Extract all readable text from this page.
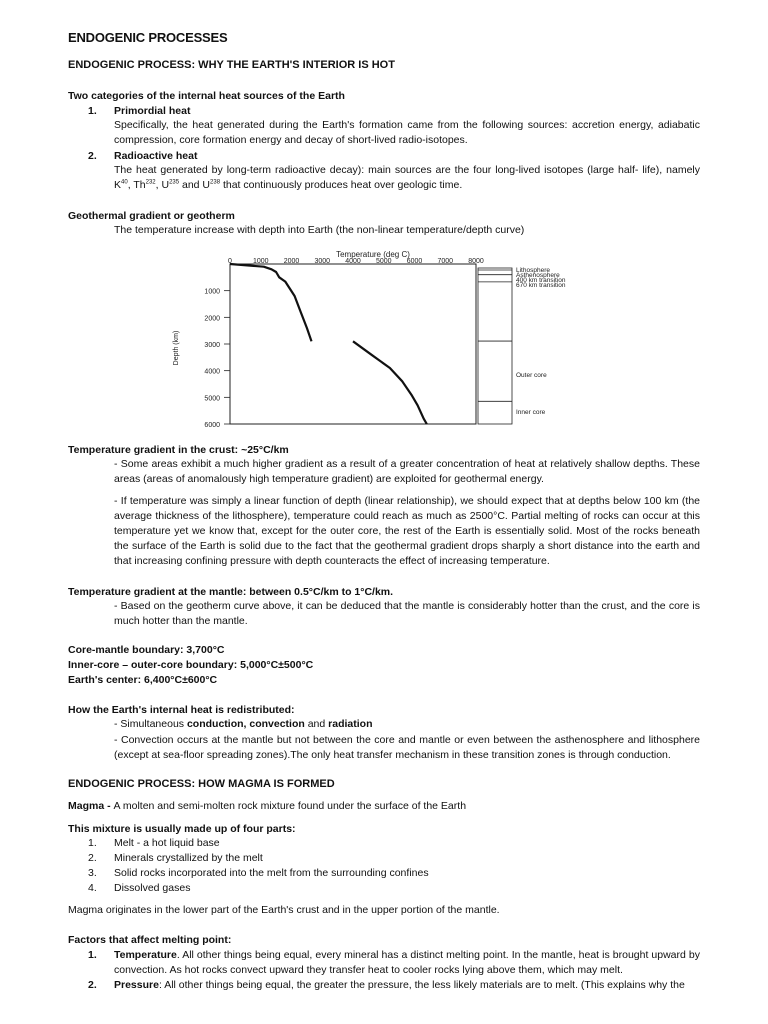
ENDOGENIC PROCESSES
ENDOGENIC PROCESS: WHY THE EARTH'S INTERIOR IS HOT
Two categories of the internal heat sources of the Earth
1. Primordial heat
Specifically, the heat generated during the Earth's formation came from the following sources: accretion energy, adiabatic compression, core formation energy and decay of short-lived radio-isotopes.
2. Radioactive heat
The heat generated by long-term radioactive decay): main sources are the four long-lived isotopes (large half- life), namely $K^{40}$, Th$^{232}$, $U^{235}$ and $U^{238}$ that continuously produces heat over geologic time.
Geothermal gradient or geotherm
The temperature increase with depth into Earth (the non-linear temperature/depth curve)
Temperature (deg C)
0	1000 2000 3000 4000 5000 6000 7000 8000
1000
2000
3000
4000
5000
6000
Depth (km)
Lithosphere
Asthenosphere
400 km transition
670 km transition
Outer core
Inner core
Temperature gradient in the crust: ~25°C/km
- Some areas exhibit a much higher gradient as a result of a greater concentration of heat at relatively shallow depths. These areas (areas of anomalously high temperature gradient) are exploited for geothermal energy.
- If temperature was simply a linear function of depth (linear relationship), we should expect that at depths below 100 km (the average thickness of the lithosphere), temperature could reach as much as 2500°C. Partial melting of rocks can occur at this temperature yet we know that, except for the outer core, the rest of the Earth is essentially solid. Most of the rocks beneath the surface of the Earth is solid due to the fact that the geothermal gradient drops sharply a short distance into the earth and that increasing confining pressure with depth counteracts the effect of increasing temperature.
Temperature gradient at the mantle: between 0.5°C/km to 1°C/km.
- Based on the geotherm curve above, it can be deduced that the mantle is considerably hotter than the crust, and the core is much hotter than the mantle.
Core-mantle boundary: 3,700°C
Inner-core – outer-core boundary: 5,000°C±500°C
Earth's center: 6,400°C±600°C
How the Earth's internal heat is redistributed:
- Simultaneous conduction, convection and radiation
- Convection occurs at the mantle but not between the core and mantle or even between the asthenosphere and lithosphere (except at sea-floor spreading zones).The only heat transfer mechanism in these transition zones is through conduction.
ENDOGENIC PROCESS: HOW MAGMA IS FORMED
Magma - A molten and semi-molten rock mixture found under the surface of the Earth
This mixture is usually made up of four parts:
1. Melt - a hot liquid base
2. Minerals crystallized by the melt
3. Solid rocks incorporated into the melt from the surrounding confines
4. Dissolved gases
Magma originates in the lower part of the Earth's crust and in the upper portion of the mantle.
Factors that affect melting point:
1. Temperature. All other things being equal, every mineral has a distinct melting point. In the mantle, heat is brought upward by convection. As hot rocks convect upward they transfer heat to cooler rocks lying above them, which may melt.
2. Pressure: All other things being equal, the greater the pressure, the less likely materials are to melt. (This explains why the
